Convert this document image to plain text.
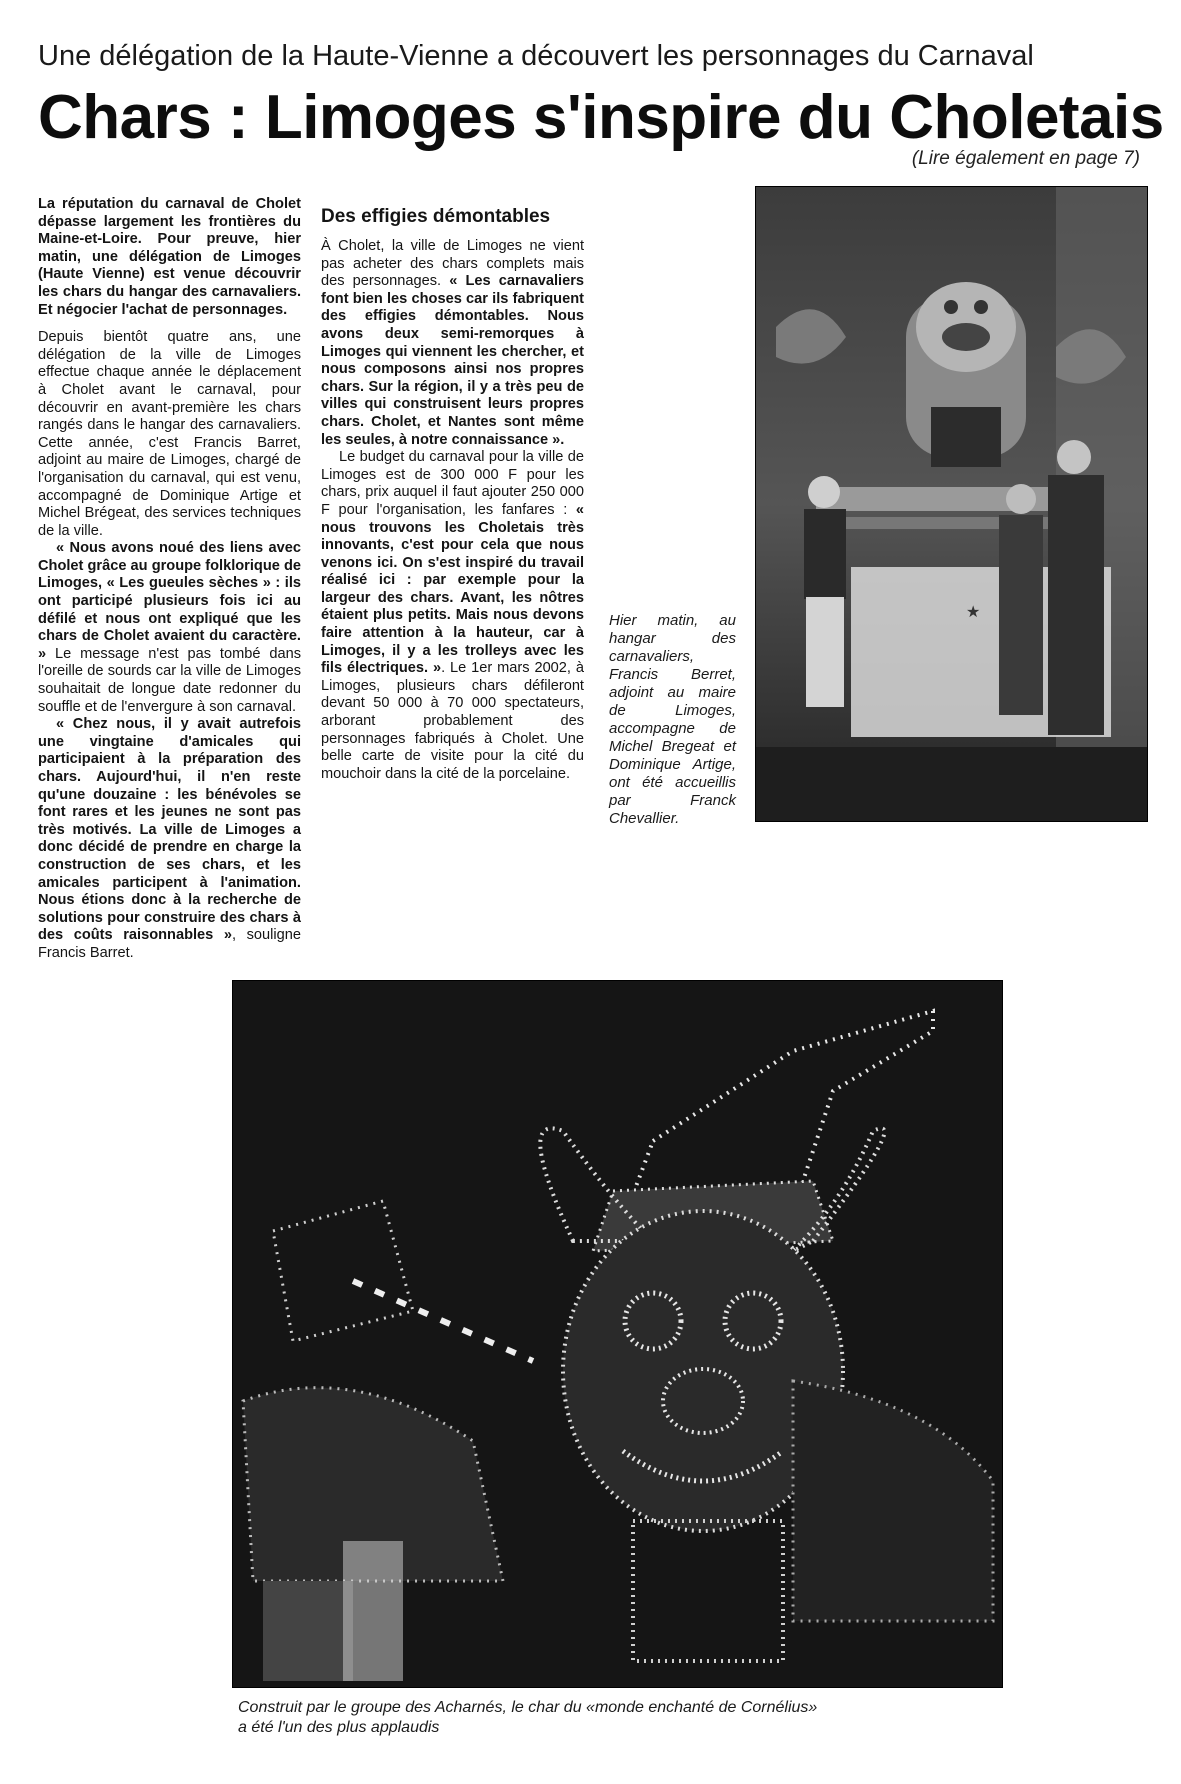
Une délégation de la Haute-Vienne a découvert les personnages du Carnaval
Chars : Limoges s'inspire du Choletais
(Lire également en page 7)

La réputation du carnaval de Cholet dépasse largement les frontières du Maine-et-Loire. Pour preuve, hier matin, une délégation de Limoges (Haute Vienne) est venue découvrir les chars du hangar des carnavaliers. Et négocier l'achat de personnages.

Depuis bientôt quatre ans, une délégation de la ville de Limoges effectue chaque année le déplacement à Cholet avant le carnaval, pour découvrir en avant-première les chars rangés dans le hangar des carnavaliers. Cette année, c'est Francis Barret, adjoint au maire de Limoges, chargé de l'organisation du carnaval, qui est venu, accompagné de Dominique Artige et Michel Brégeat, des services techniques de la ville.

« Nous avons noué des liens avec Cholet grâce au groupe folklorique de Limoges, « Les gueules sèches » : ils ont participé plusieurs fois ici au défilé et nous ont expliqué que les chars de Cholet avaient du caractère. » Le message n'est pas tombé dans l'oreille de sourds car la ville de Limoges souhaitait de longue date redonner du souffle et de l'envergure à son carnaval.

« Chez nous, il y avait autrefois une vingtaine d'amicales qui participaient à la préparation des chars. Aujourd'hui, il n'en reste qu'une douzaine : les bénévoles se font rares et les jeunes ne sont pas très motivés. La ville de Limoges a donc décidé de prendre en charge la construction de ses chars, et les amicales participent à l'animation. Nous étions donc à la recherche de solutions pour construire des chars à des coûts raisonnables », souligne Francis Barret.

Des effigies démontables

À Cholet, la ville de Limoges ne vient pas acheter des chars complets mais des personnages. « Les carnavaliers font bien les choses car ils fabriquent des effigies démontables. Nous avons deux semi-remorques à Limoges qui viennent les chercher, et nous composons ainsi nos propres chars. Sur la région, il y a très peu de villes qui construisent leurs propres chars. Cholet, et Nantes sont même les seules, à notre connaissance ».

Le budget du carnaval pour la ville de Limoges est de 300 000 F pour les chars, prix auquel il faut ajouter 250 000 F pour l'organisation, les fanfares : « nous trouvons les Choletais très innovants, c'est pour cela que nous venons ici. On s'est inspiré du travail réalisé ici : par exemple pour la largeur des chars. Avant, les nôtres étaient plus petits. Mais nous devons faire attention à la hauteur, car à Limoges, il y a les trolleys avec les fils électriques. ». Le 1er mars 2002, à Limoges, plusieurs chars défileront devant 50 000 à 70 000 spectateurs, arborant probablement des personnages fabriqués à Cholet. Une belle carte de visite pour la cité du mouchoir dans la cité de la porcelaine.

★
Hier matin, au hangar des carnavaliers, Francis Berret, adjoint au maire de Limoges, accompagne de Michel Bregeat et Dominique Artige, ont été accueillis par Franck Chevallier.
Construit par le groupe des Acharnés, le char du «monde enchanté de Cornélius»
a été l'un des plus applaudis
